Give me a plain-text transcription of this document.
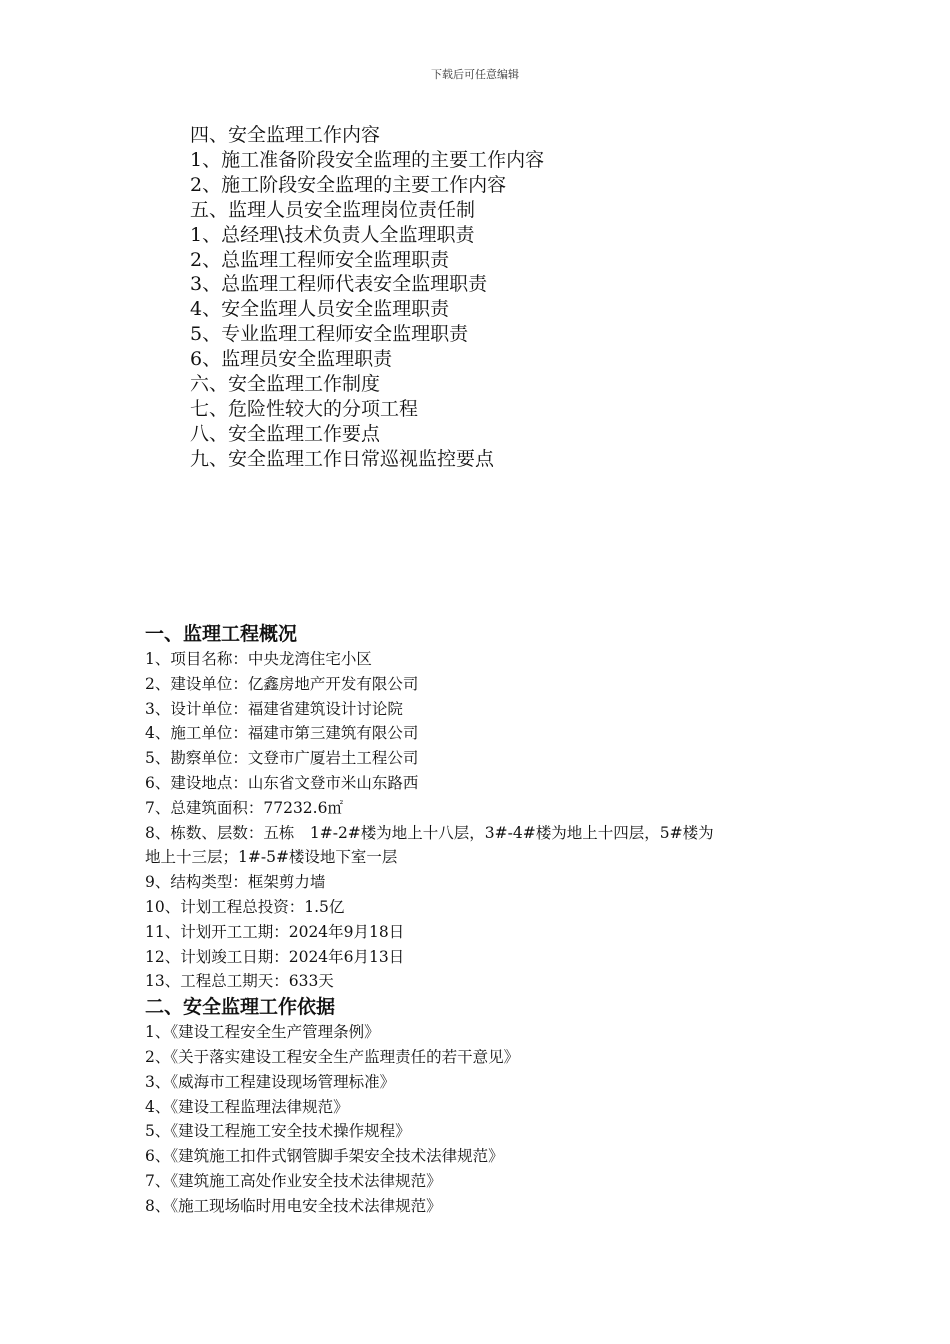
下载后可任意编辑
四、安全监理工作内容
1、施工准备阶段安全监理的主要工作内容
2、施工阶段安全监理的主要工作内容
五、监理人员安全监理岗位责任制
1、总经理\技术负责人全监理职责
2、总监理工程师安全监理职责
3、总监理工程师代表安全监理职责
4、安全监理人员安全监理职责
5、专业监理工程师安全监理职责
6、监理员安全监理职责
六、安全监理工作制度
七、危险性较大的分项工程
八、安全监理工作要点
九、安全监理工作日常巡视监控要点
一、监理工程概况
1、项目名称：中央龙湾住宅小区
2、建设单位：亿鑫房地产开发有限公司
3、设计单位：福建省建筑设计讨论院
4、施工单位：福建市第三建筑有限公司
5、勘察单位：文登市广厦岩土工程公司
6、建设地点：山东省文登市米山东路西
7、总建筑面积：77232.6㎡
8、栋数、层数：五栋　1#-2#楼为地上十八层，3#-4#楼为地上十四层，5#楼为
地上十三层；1#-5#楼设地下室一层
9、结构类型：框架剪力墙
10、计划工程总投资：1.5亿
11、计划开工工期：2024年9月18日
12、计划竣工日期：2024年6月13日
13、工程总工期天：633天
二、安全监理工作依据
1、《建设工程安全生产管理条例》
2、《关于落实建设工程安全生产监理责任的若干意见》
3、《威海市工程建设现场管理标准》
4、《建设工程监理法律规范》
5、《建设工程施工安全技术操作规程》
6、《建筑施工扣件式钢管脚手架安全技术法律规范》
7、《建筑施工高处作业安全技术法律规范》
8、《施工现场临时用电安全技术法律规范》
